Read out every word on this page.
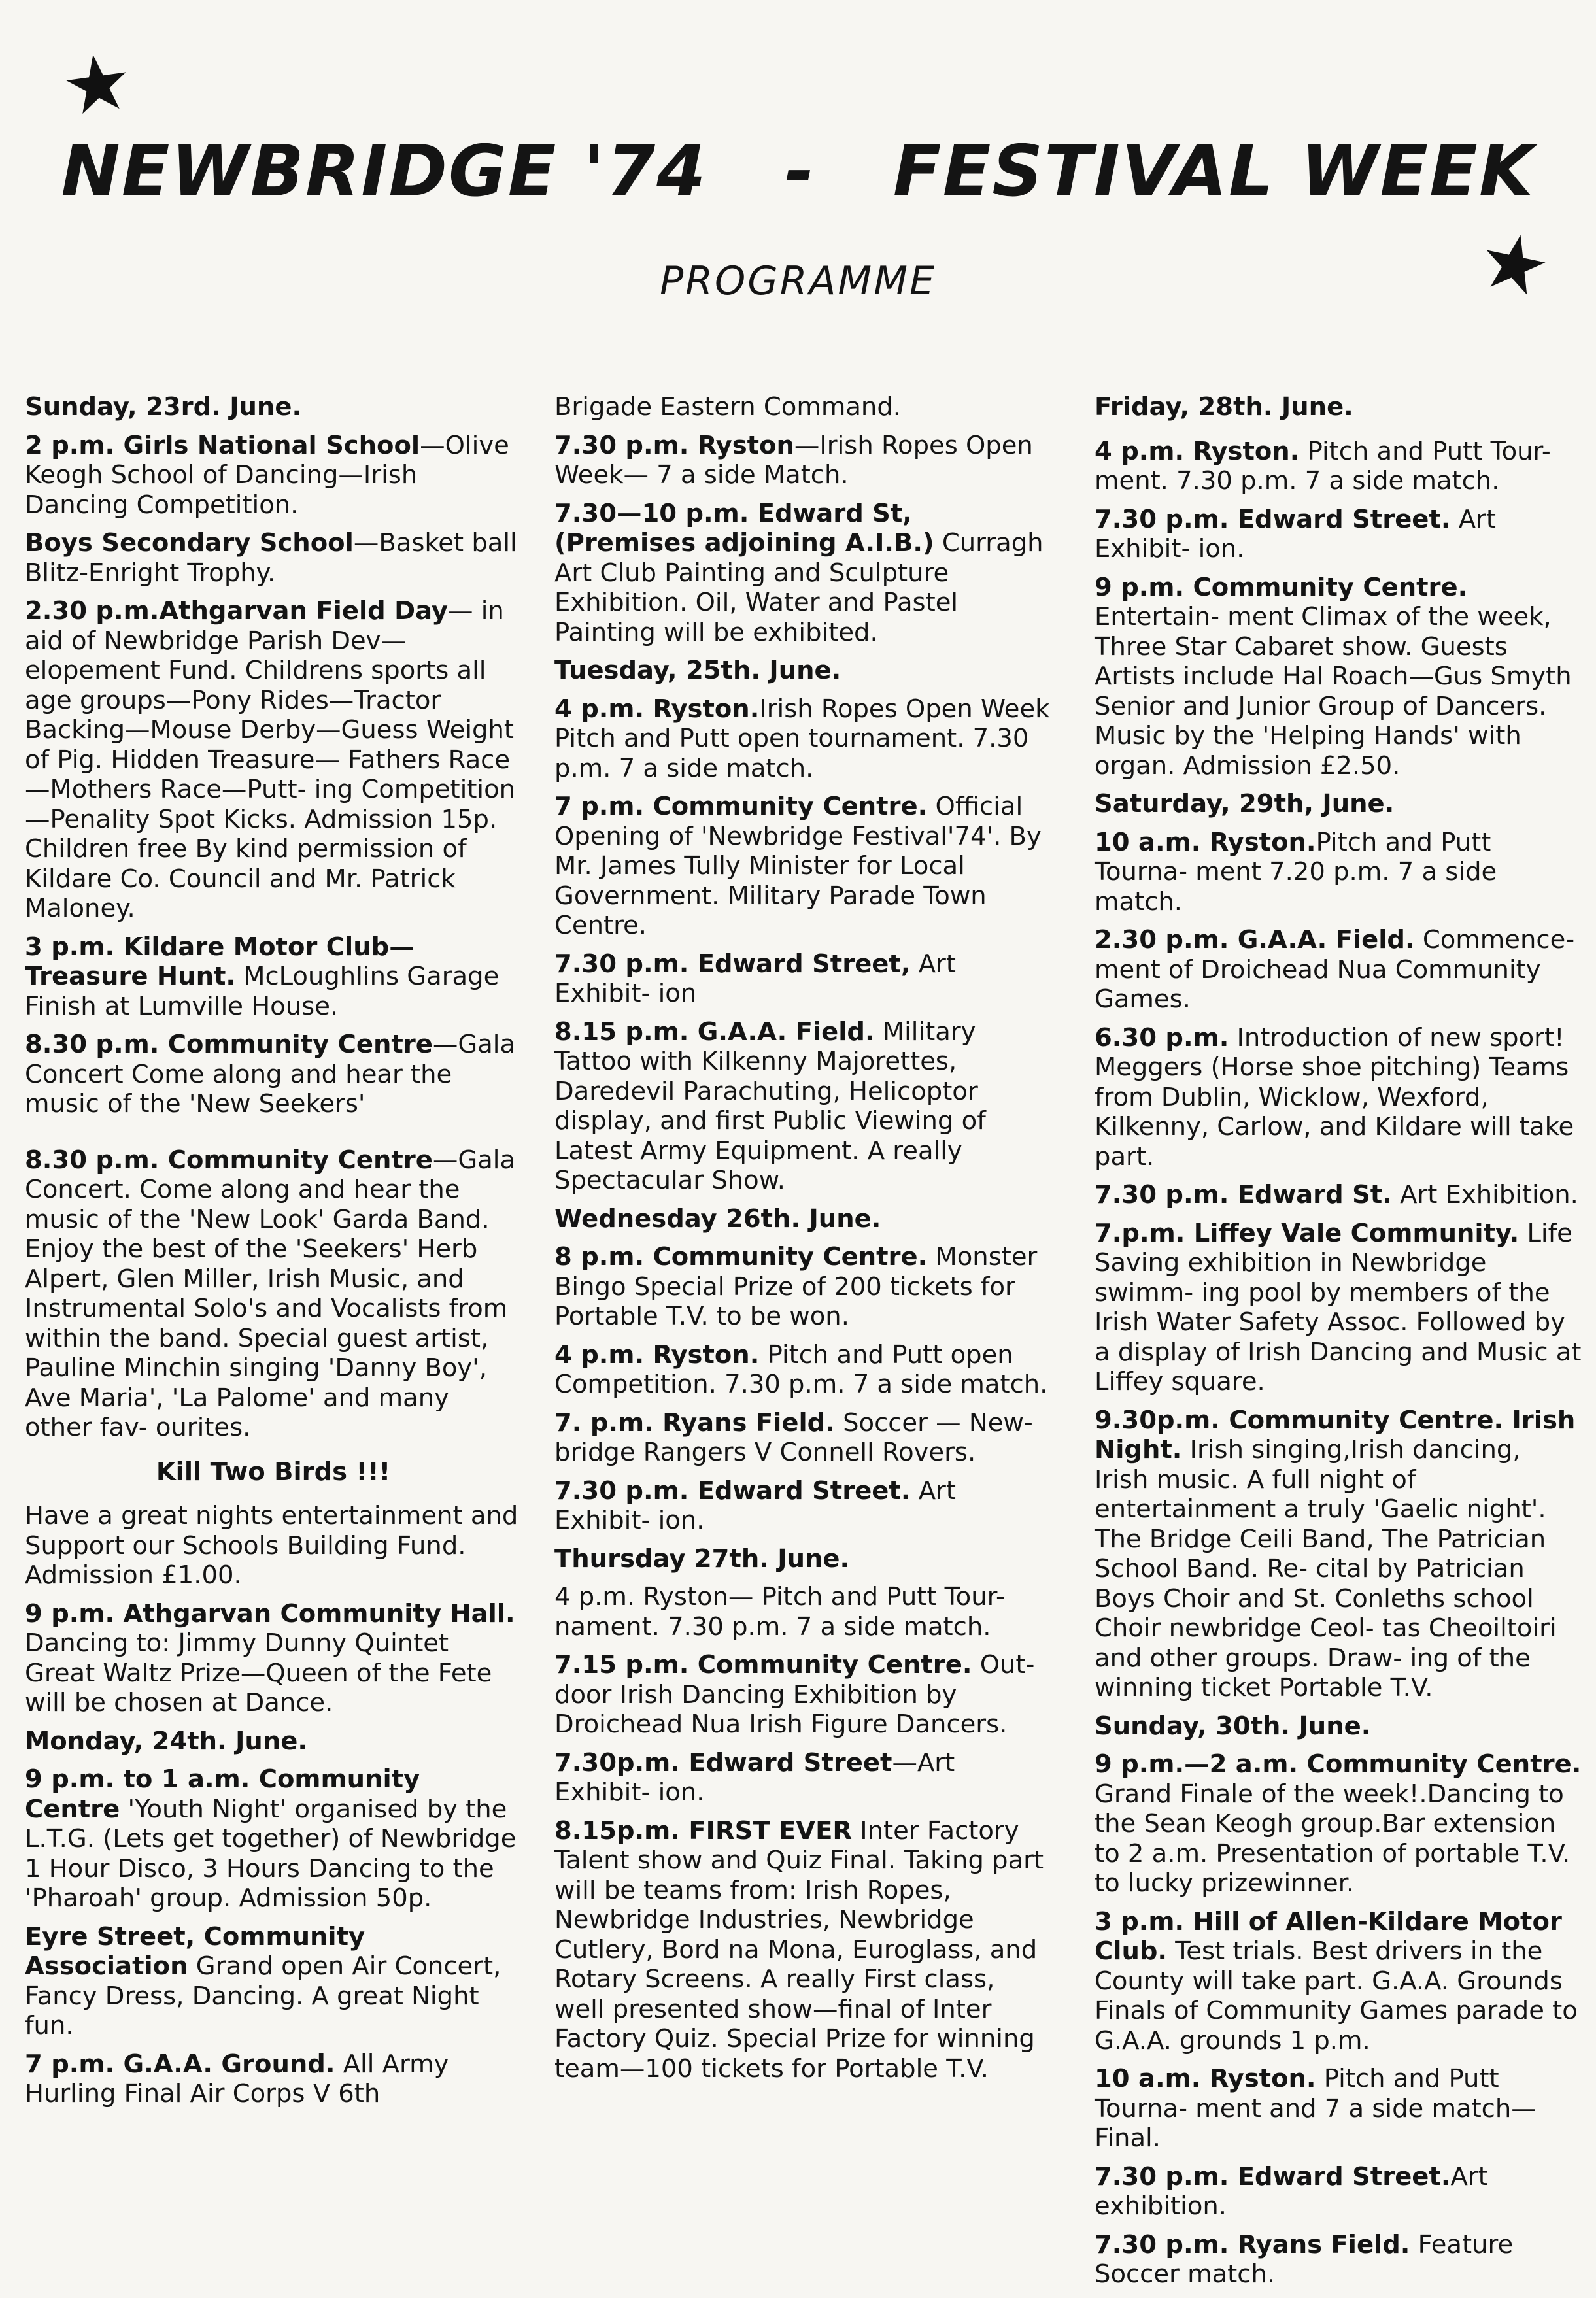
★
★
NEWBRIDGE '74   -   FESTIVAL WEEK
PROGRAMME
Sunday, 23rd. June.
2 p.m. Girls National School—Olive Keogh School of Dancing—Irish Dancing Competition.
Boys Secondary School—Basket ball Blitz-Enright Trophy.
2.30 p.m.Athgarvan Field Day— in aid of Newbridge Parish Dev— elopement Fund. Childrens sports all age groups—Pony Rides—Tractor Backing—Mouse Derby—Guess Weight of Pig. Hidden Treasure— Fathers Race—Mothers Race—Putt- ing Competition—Penality Spot Kicks. Admission 15p. Children free By kind permission of Kildare Co. Council and Mr. Patrick Maloney.
3 p.m. Kildare Motor Club—Treasure Hunt. McLoughlins Garage Finish at Lumville House.
8.30 p.m. Community Centre—Gala Concert Come along and hear the music of the 'New Seekers'
8.30 p.m. Community Centre—Gala Concert. Come along and hear the music of the 'New Look' Garda Band. Enjoy the best of the 'Seekers' Herb Alpert, Glen Miller, Irish Music, and Instrumental Solo's and Vocalists from within the band. Special guest artist, Pauline Minchin singing 'Danny Boy', Ave Maria', 'La Palome' and many other fav- ourites.
Kill Two Birds !!!
Have a great nights entertainment and Support our Schools Building Fund. Admission £1.00.
9 p.m. Athgarvan Community Hall. Dancing to: Jimmy Dunny Quintet Great Waltz Prize—Queen of the Fete will be chosen at Dance.
Monday, 24th. June.
9 p.m. to 1 a.m. Community Centre 'Youth Night' organised by the L.T.G. (Lets get together) of Newbridge 1 Hour Disco, 3 Hours Dancing to the 'Pharoah' group. Admission 50p.
Eyre Street, Community Association Grand open Air Concert, Fancy Dress, Dancing. A great Night fun.
7 p.m. G.A.A. Ground. All Army Hurling Final Air Corps V 6th
Brigade Eastern Command.
7.30 p.m. Ryston—Irish Ropes Open Week— 7 a side Match.
7.30—10 p.m. Edward St, (Premises adjoining A.I.B.) Curragh Art Club Painting and Sculpture Exhibition. Oil, Water and Pastel Painting will be exhibited.
Tuesday, 25th. June.
4 p.m. Ryston.Irish Ropes Open Week Pitch and Putt open tournament. 7.30 p.m. 7 a side match.
7 p.m. Community Centre. Official Opening of 'Newbridge Festival'74'. By Mr. James Tully Minister for Local Government. Military Parade Town Centre.
7.30 p.m. Edward Street, Art Exhibit- ion
8.15 p.m. G.A.A. Field. Military Tattoo with Kilkenny Majorettes, Daredevil Parachuting, Helicoptor display, and first Public Viewing of Latest Army Equipment. A really Spectacular Show.
Wednesday 26th. June.
8 p.m. Community Centre. Monster Bingo Special Prize of 200 tickets for Portable T.V. to be won.
4 p.m. Ryston. Pitch and Putt open Competition. 7.30 p.m. 7 a side match.
7. p.m. Ryans Field. Soccer — New- bridge Rangers V Connell Rovers.
7.30 p.m. Edward Street. Art Exhibit- ion.
Thursday 27th. June.
4 p.m. Ryston— Pitch and Putt Tour- nament. 7.30 p.m. 7 a side match.
7.15 p.m. Community Centre. Out- door Irish Dancing Exhibition by Droichead Nua Irish Figure Dancers.
7.30p.m. Edward Street—Art Exhibit- ion.
8.15p.m. FIRST EVER Inter Factory Talent show and Quiz Final. Taking part will be teams from: Irish Ropes, Newbridge Industries, Newbridge Cutlery, Bord na Mona, Euroglass, and Rotary Screens. A really First class, well presented show—final of Inter Factory Quiz. Special Prize for winning team—100 tickets for Portable T.V.
Friday, 28th. June.
4 p.m. Ryston. Pitch and Putt Tour- ment. 7.30 p.m. 7 a side match.
7.30 p.m. Edward Street. Art Exhibit- ion.
9 p.m. Community Centre. Entertain- ment Climax of the week, Three Star Cabaret show. Guests Artists include Hal Roach—Gus Smyth Senior and Junior Group of Dancers. Music by the 'Helping Hands' with organ. Admission £2.50.
Saturday, 29th, June.
10 a.m. Ryston.Pitch and Putt Tourna- ment 7.20 p.m. 7 a side match.
2.30 p.m. G.A.A. Field. Commence- ment of Droichead Nua Community Games.
6.30 p.m. Introduction of new sport! Meggers (Horse shoe pitching) Teams from Dublin, Wicklow, Wexford, Kilkenny, Carlow, and Kildare will take part.
7.30 p.m. Edward St. Art Exhibition.
7.p.m. Liffey Vale Community. Life Saving exhibition in Newbridge swimm- ing pool by members of the Irish Water Safety Assoc. Followed by a display of Irish Dancing and Music at Liffey square.
9.30p.m. Community Centre. Irish Night. Irish singing,Irish dancing, Irish music. A full night of entertainment a truly 'Gaelic night'. The Bridge Ceili Band, The Patrician School Band. Re- cital by Patrician Boys Choir and St. Conleths school Choir newbridge Ceol- tas Cheoiltoiri and other groups. Draw- ing of the winning ticket Portable T.V.
Sunday, 30th. June.
9 p.m.—2 a.m. Community Centre. Grand Finale of the week!.Dancing to the Sean Keogh group.Bar extension to 2 a.m. Presentation of portable T.V. to lucky prizewinner.
3 p.m. Hill of Allen-Kildare Motor Club. Test trials. Best drivers in the County will take part. G.A.A. Grounds Finals of Community Games parade to G.A.A. grounds 1 p.m.
10 a.m. Ryston. Pitch and Putt Tourna- ment and 7 a side match—Final.
7.30 p.m. Edward Street.Art exhibition.
7.30 p.m. Ryans Field. Feature Soccer match.
